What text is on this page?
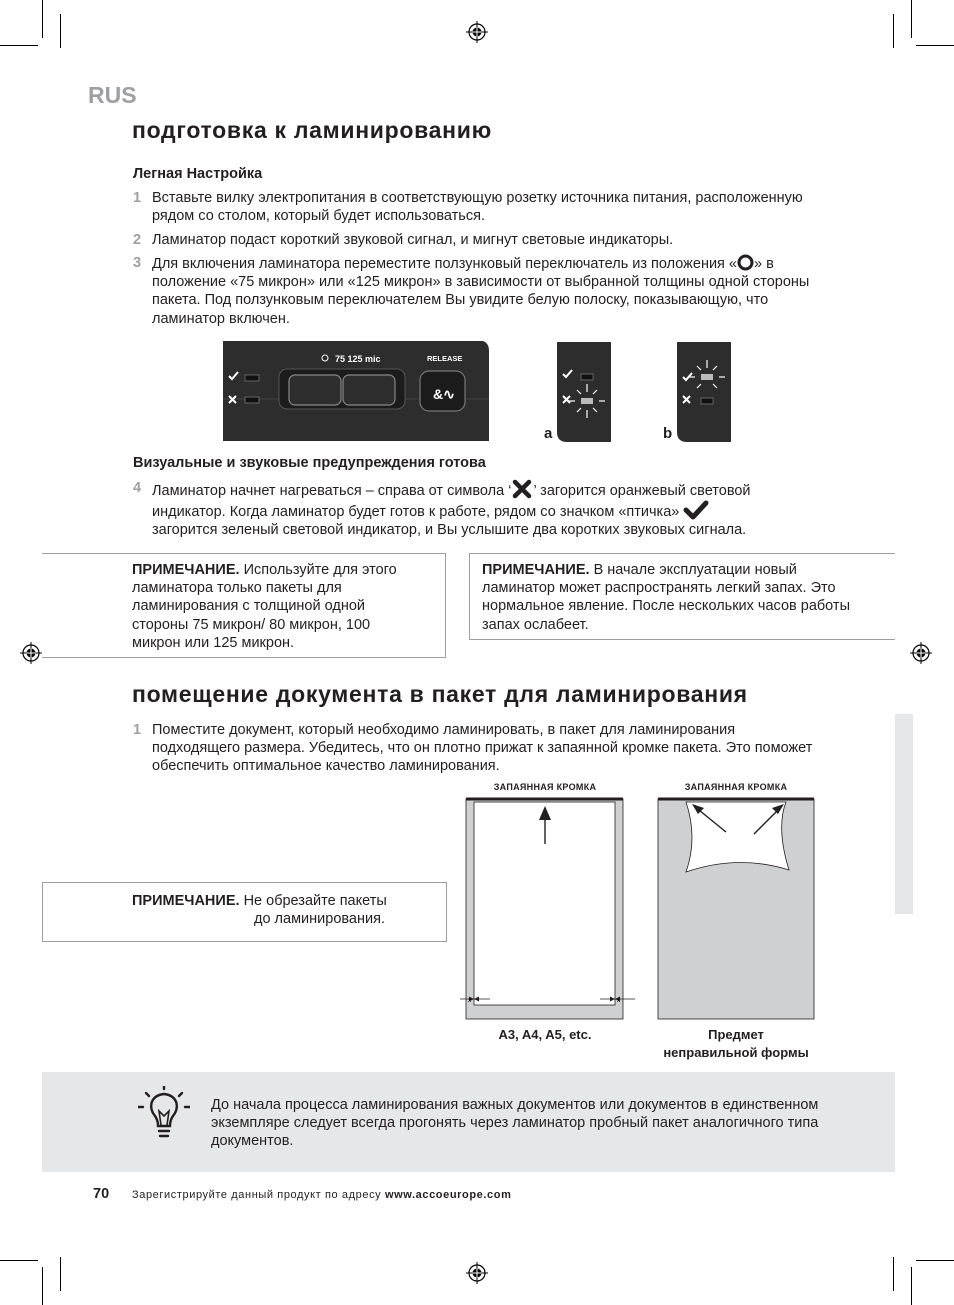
RUS
подготовка к ламинированию
Легная Настройка
1 Вставьте вилку электропитания в соответствующую розетку источника питания, расположенную рядом со столом, который будет использоваться.
2 Ламинатор подаст короткий звуковой сигнал, и мигнут световые индикаторы.
3 Для включения ламинатора переместите ползунковый переключатель из положения « » в положение «75 микрон» или «125 микрон» в зависимости от выбранной толщины одной стороны пакета. Под ползунковым переключателем Вы увидите белую полоску, показывающую, что ламинатор включен.
75 125 mic	RELEASE
&∿
a	b
Визуальные и звуковые предупреждения готова
4 Ламинатор начнет нагреваться – справа от символа ‘ ’ загорится оранжевый световой индикатор. Когда ламинатор будет готов к работе, рядом со значком «птичка»
загорится зеленый световой индикатор, и Вы услышите два коротких звуковых сигнала.
ПРИМЕЧАНИЕ. Используйте для этого ламинатора только пакеты для ламинирования с толщиной одной стороны 75 микрон/ 80 микрон, 100 микрон или 125 микрон.
ПРИМЕЧАНИЕ. В начале эксплуатации новый ламинатор может распространять легкий запах. Это нормальное явление. После нескольких часов работы запах ослабеет.
помещение документа в пакет для ламинирования
1 Поместите документ, который необходимо ламинировать, в пакет для ламинирования подходящего размера. Убедитесь, что он плотно прижат к запаянной кромке пакета. Это поможет обеспечить оптимальное качество ламинирования.
ПРИМЕЧАНИЕ. Не обрезайте пакеты
до ламинирования.
ЗАПАЯННАЯ КРОМКА
x	x
A3, A4, A5, etc.
ЗАПАЯННАЯ КРОМКА
Предмет
неправильной формы
До начала процесса ламинирования важных документов или документов в единственном экземпляре следует всегда прогонять через ламинатор пробный пакет аналогичного типа документов.
70 Зарегистрируйте данный продукт по адресу www.accoeurope.com
